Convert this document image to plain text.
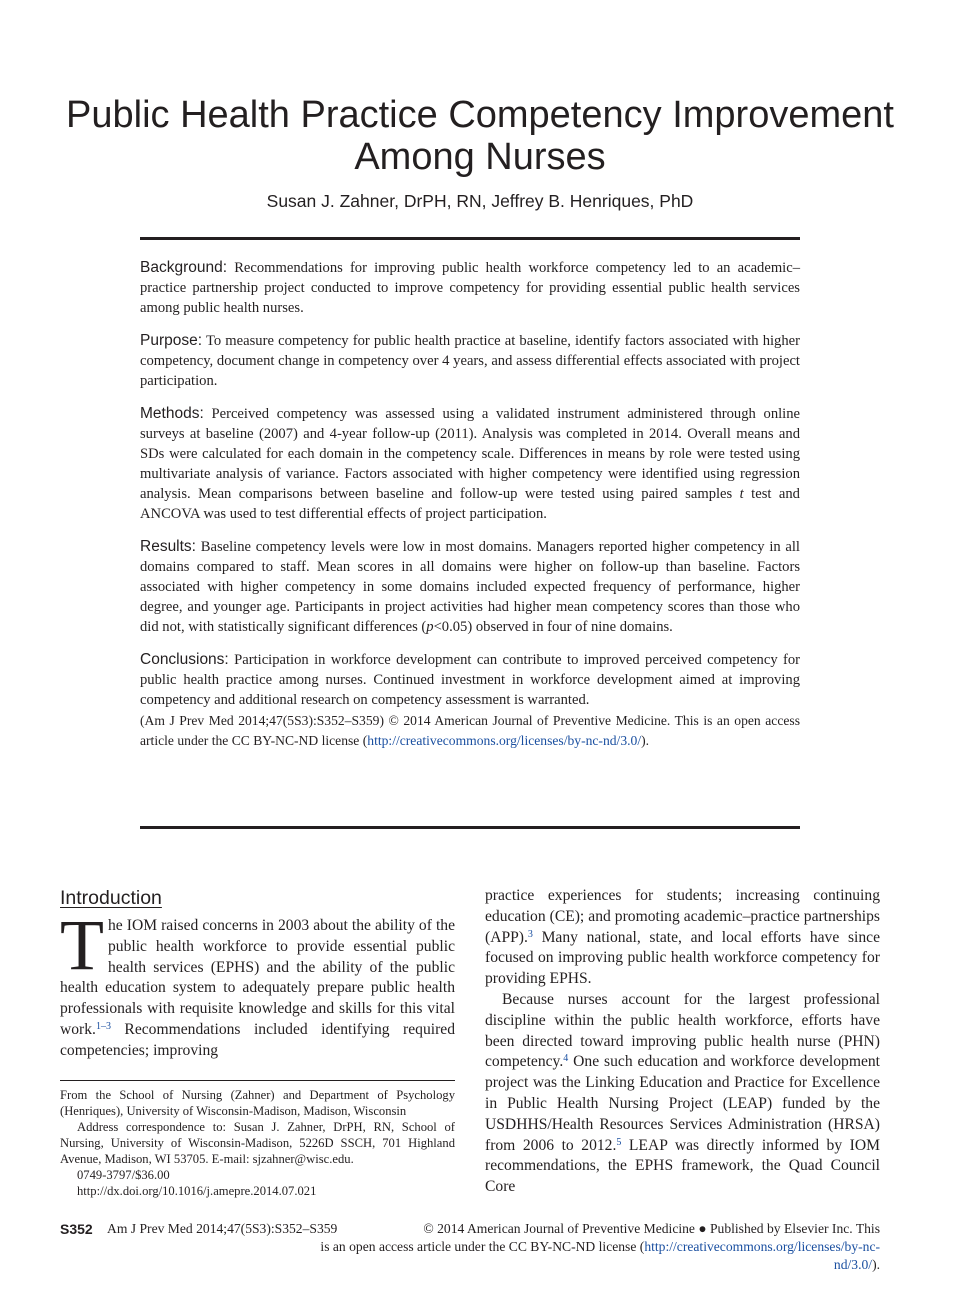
Public Health Practice Competency Improvement
Among Nurses
Susan J. Zahner, DrPH, RN, Jeffrey B. Henriques, PhD

Background: Recommendations for improving public health workforce competency led to an academic–practice partnership project conducted to improve competency for providing essential public health services among public health nurses.

Purpose: To measure competency for public health practice at baseline, identify factors associated with higher competency, document change in competency over 4 years, and assess differential effects associated with project participation.

Methods: Perceived competency was assessed using a validated instrument administered through online surveys at baseline (2007) and 4-year follow-up (2011). Analysis was completed in 2014. Overall means and SDs were calculated for each domain in the competency scale. Differences in means by role were tested using multivariate analysis of variance. Factors associated with higher competency were identified using regression analysis. Mean comparisons between baseline and follow-up were tested using paired samples t test and ANCOVA was used to test differential effects of project participation.

Results: Baseline competency levels were low in most domains. Managers reported higher competency in all domains compared to staff. Mean scores in all domains were higher on follow-up than baseline. Factors associated with higher competency in some domains included expected frequency of performance, higher degree, and younger age. Participants in project activities had higher mean competency scores than those who did not, with statistically significant differences (p<0.05) observed in four of nine domains.

Conclusions: Participation in workforce development can contribute to improved perceived competency for public health practice among nurses. Continued investment in workforce development aimed at improving competency and additional research on competency assessment is warranted.

(Am J Prev Med 2014;47(5S3):S352–S359) © 2014 American Journal of Preventive Medicine. This is an open access article under the CC BY-NC-ND license (http://creativecommons.org/licenses/by-nc-nd/3.0/).

Introduction

The IOM raised concerns in 2003 about the ability of the public health workforce to provide essential public health services (EPHS) and the ability of the public health education system to adequately prepare public health professionals with requisite knowledge and skills for this vital work.$^{1-3}$ Recommendations included identifying required competencies; improving

From the School of Nursing (Zahner) and Department of Psychology (Henriques), University of Wisconsin-Madison, Madison, Wisconsin

Address correspondence to: Susan J. Zahner, DrPH, RN, School of Nursing, University of Wisconsin-Madison, 5226D SSCH, 701 Highland Avenue, Madison, WI 53705. E-mail: sjzahner@wisc.edu.

0749-3797/$36.00

http://dx.doi.org/10.1016/j.amepre.2014.07.021

practice experiences for students; increasing continuing education (CE); and promoting academic–practice partnerships (APP).$^3$ Many national, state, and local efforts have since focused on improving public health workforce competency for providing EPHS.

Because nurses account for the largest professional discipline within the public health workforce, efforts have been directed toward improving public health nurse (PHN) competency.$^4$ One such education and workforce development project was the Linking Education and Practice for Excellence in Public Health Nursing Project (LEAP) funded by the USDHHS/Health Resources Services Administration (HRSA) from 2006 to 2012.$^5$ LEAP was directly informed by IOM recommendations, the EPHS framework, the Quad Council Core

S352 Am J Prev Med 2014;47(5S3):S352–S359	© 2014 American Journal of Preventive Medicine ● Published by Elsevier Inc. This
is an open access article under the CC BY-NC-ND license (http://creativecommons.org/licenses/by-nc-nd/3.0/).
